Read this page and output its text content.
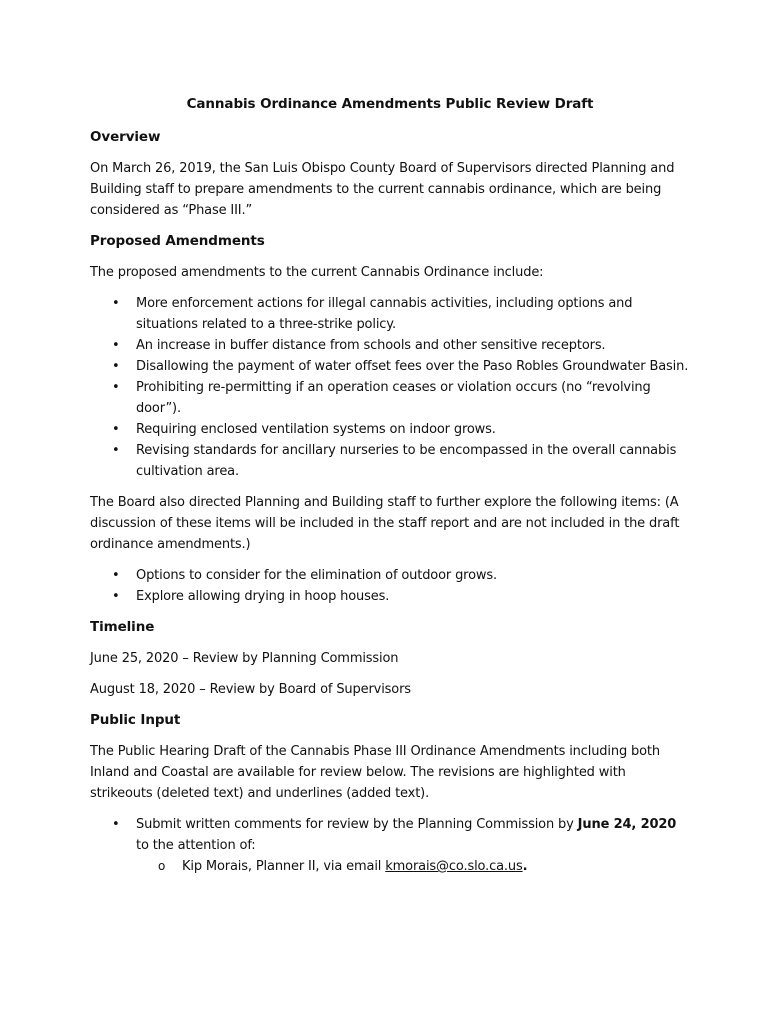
Cannabis Ordinance Amendments Public Review Draft
Overview

On March 26, 2019, the San Luis Obispo County Board of Supervisors directed Planning and Building staff to prepare amendments to the current cannabis ordinance, which are being considered as “Phase III.”

Proposed Amendments

The proposed amendments to the current Cannabis Ordinance include:

• More enforcement actions for illegal cannabis activities, including options and situations related to a three-strike policy.
• An increase in buffer distance from schools and other sensitive receptors.
• Disallowing the payment of water offset fees over the Paso Robles Groundwater Basin.
• Prohibiting re-permitting if an operation ceases or violation occurs (no “revolving door”).
• Requiring enclosed ventilation systems on indoor grows.
• Revising standards for ancillary nurseries to be encompassed in the overall cannabis cultivation area.

The Board also directed Planning and Building staff to further explore the following items: (A discussion of these items will be included in the staff report and are not included in the draft ordinance amendments.)

• Options to consider for the elimination of outdoor grows.
• Explore allowing drying in hoop houses.
Timeline

June 25, 2020 – Review by Planning Commission

August 18, 2020 – Review by Board of Supervisors

Public Input

The Public Hearing Draft of the Cannabis Phase III Ordinance Amendments including both Inland and Coastal are available for review below. The revisions are highlighted with strikeouts (deleted text) and underlines (added text).

• Submit written comments for review by the Planning Commission by June 24, 2020 to the attention of:
o Kip Morais, Planner II, via email kmorais@co.slo.ca.us.
